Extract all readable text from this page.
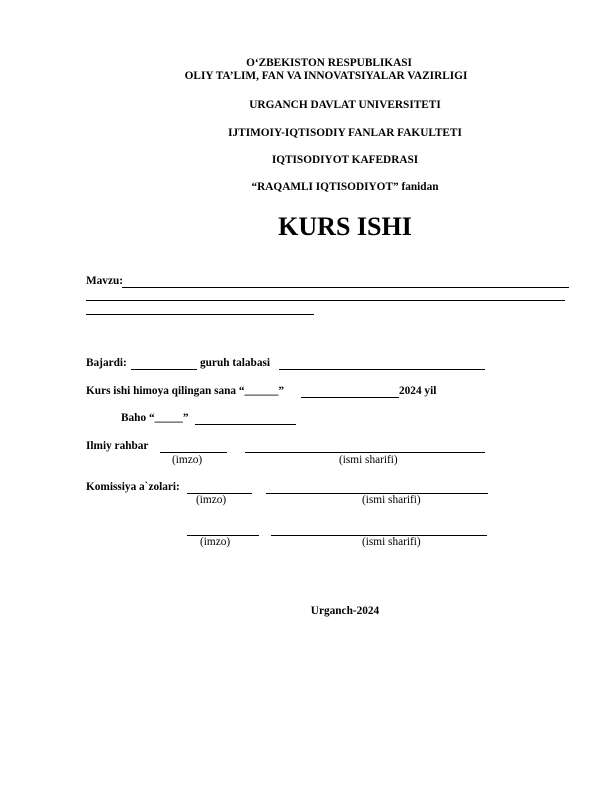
O‘ZBEKISTON RESPUBLIKASI
OLIY TA’LIM, FAN VA INNOVATSIYALAR VAZIRLIGI
URGANCH DAVLAT UNIVERSITETI
IJTIMOIY-IQTISODIY FANLAR FAKULTETI
IQTISODIYOT KAFEDRASI
“RAQAMLI IQTISODIYOT” fanidan
KURS ISHI
Mavzu:
Bajardi:	guruh talabasi
Kurs ishi himoya qilingan sana “______”	2024 yil
Baho “_____”
Ilmiy rahbar
(imzo)	(ismi sharifi)
Komissiya a`zolari:
(imzo)	(ismi sharifi)
(imzo)	(ismi sharifi)
Urganch-2024
